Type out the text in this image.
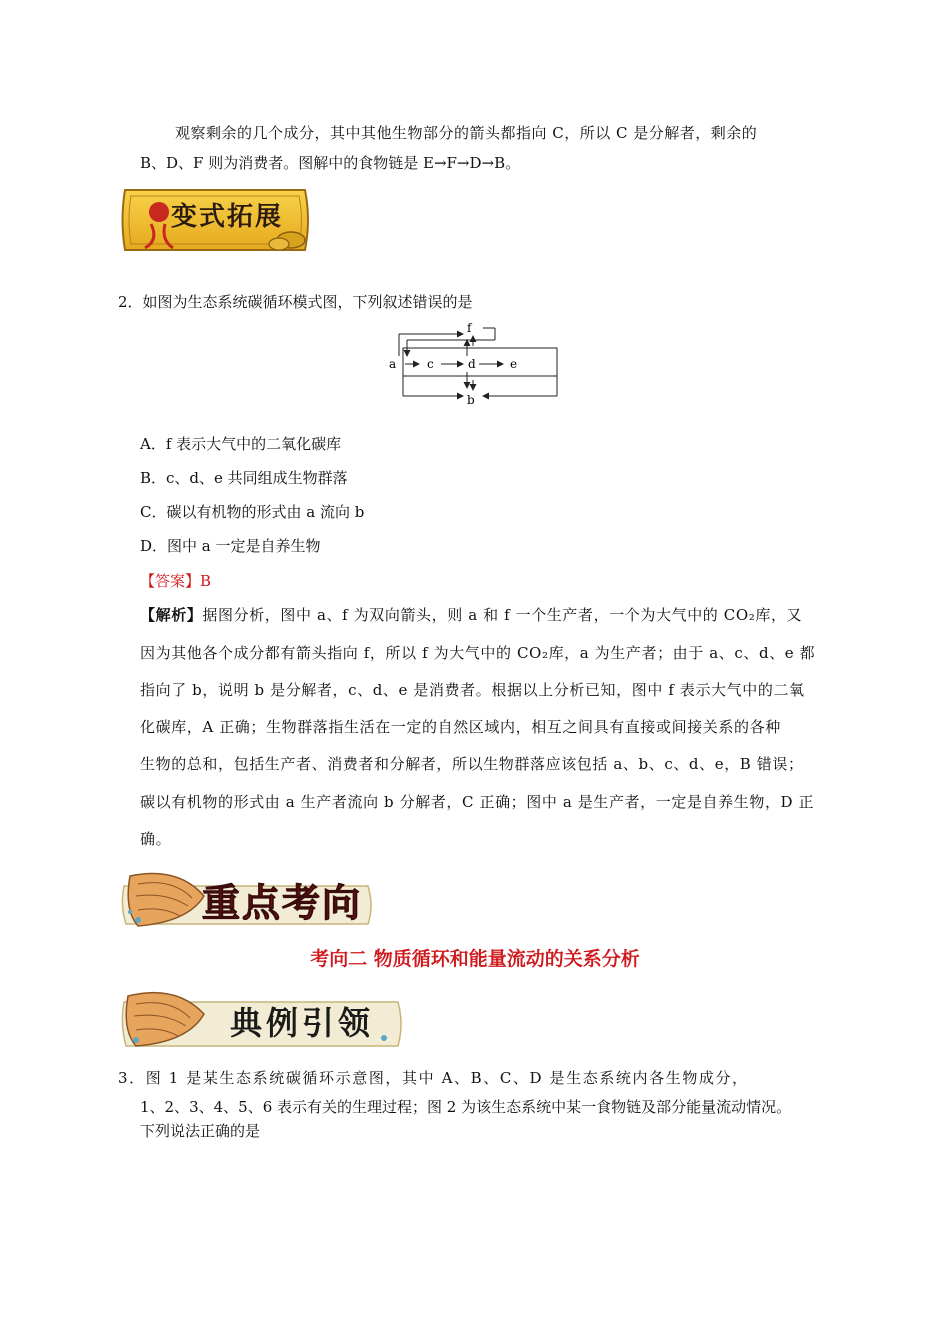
观察剩余的几个成分，其中其他生物部分的箭头都指向 C，所以 C 是分解者，剩余的
B、D、F 则为消费者。图解中的食物链是 E→F→D→B。
变式拓展
2．如图为生态系统碳循环模式图，下列叙述错误的是
f
a	c	d	e
b
A．f 表示大气中的二氧化碳库
B．c、d、e 共同组成生物群落
C．碳以有机物的形式由 a 流向 b
D．图中 a 一定是自养生物
【答案】B
【解析】据图分析，图中 a、f 为双向箭头，则 a 和 f 一个生产者，一个为大气中的 CO₂库，又
因为其他各个成分都有箭头指向 f，所以 f 为大气中的 CO₂库，a 为生产者；由于 a、c、d、e 都
指向了 b，说明 b 是分解者，c、d、e 是消费者。根据以上分析已知，图中 f 表示大气中的二氧
化碳库，A 正确；生物群落指生活在一定的自然区域内，相互之间具有直接或间接关系的各种
生物的总和，包括生产者、消费者和分解者，所以生物群落应该包括 a、b、c、d、e，B 错误；
碳以有机物的形式由 a 生产者流向 b 分解者，C 正确；图中 a 是生产者，一定是自养生物，D 正
确。
重点考向
考向二 物质循环和能量流动的关系分析
典例引领
3．图 1 是某生态系统碳循环示意图，其中 A、B、C、D 是生态系统内各生物成分，
1、2、3、4、5、6 表示有关的生理过程；图 2 为该生态系统中某一食物链及部分能量流动情况。
下列说法正确的是
